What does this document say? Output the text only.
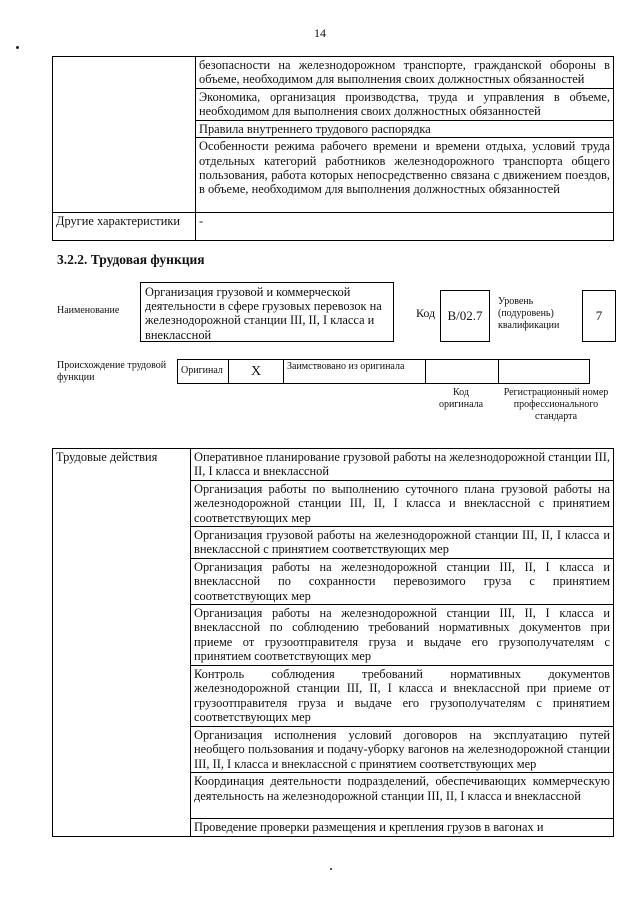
14
	безопасности на железнодорожном транспорте, гражданской обороны в объеме, необходимом для выполнения своих должностных обязанностей
	Экономика, организация производства, труда и управления в объеме, необходимом для выполнения своих должностных обязанностей
	Правила внутреннего трудового распорядка
	Особенности режима рабочего времени и времени отдыха, условий труда отдельных категорий работников железнодорожного транспорта общего пользования, работа которых непосредственно связана с движением поездов, в объеме, необходимом для выполнения должностных обязанностей
Другие характеристики	-
3.2.2. Трудовая функция
Наименование
Организация грузовой и коммерческой деятельности в сфере грузовых перевозок на железнодорожной станции III, II, I класса и внекласcной
Код B/02.7
Уровень (подуровень) квалификации
7
Происхождение трудовой функции
Оригинал	X	Заимствовано из оригинала
Код оригинала
Регистрационный номер профессионального стандарта
Трудовые действия	Оперативное планирование грузовой работы на железнодорожной станции III, II, I класса и внеклассной
Организация работы по выполнению суточного плана грузовой работы на железнодорожной станции III, II, I класса и внеклассной с принятием соответствующих мер
Организация грузовой работы на железнодорожной станции III, II, I класса и внеклассной с принятием соответствующих мер
Организация работы на железнодорожной станции III, II, I класса и внеклассной по сохранности перевозимого груза с принятием соответствующих мер
Организация работы на железнодорожной станции III, II, I класса и внеклассной по соблюдению требований нормативных документов при приеме от грузоотправителя груза и выдаче его грузополучателям с принятием соответствующих мер
Контроль соблюдения требований нормативных документов железнодорожной станции III, II, I класса и внеклассной при приеме от грузоотправителя груза и выдаче его грузополучателям с принятием соответствующих мер
Организация исполнения условий договоров на эксплуатацию путей необщего пользования и подачу-уборку вагонов на железнодорожной станции III, II, I класса и внеклассной с принятием соответствующих мер
Координация деятельности подразделений, обеспечивающих коммерческую деятельность на железнодорожной станции III, II, I класса и внеклассной
Проведение проверки размещения и крепления грузов в вагонах и
